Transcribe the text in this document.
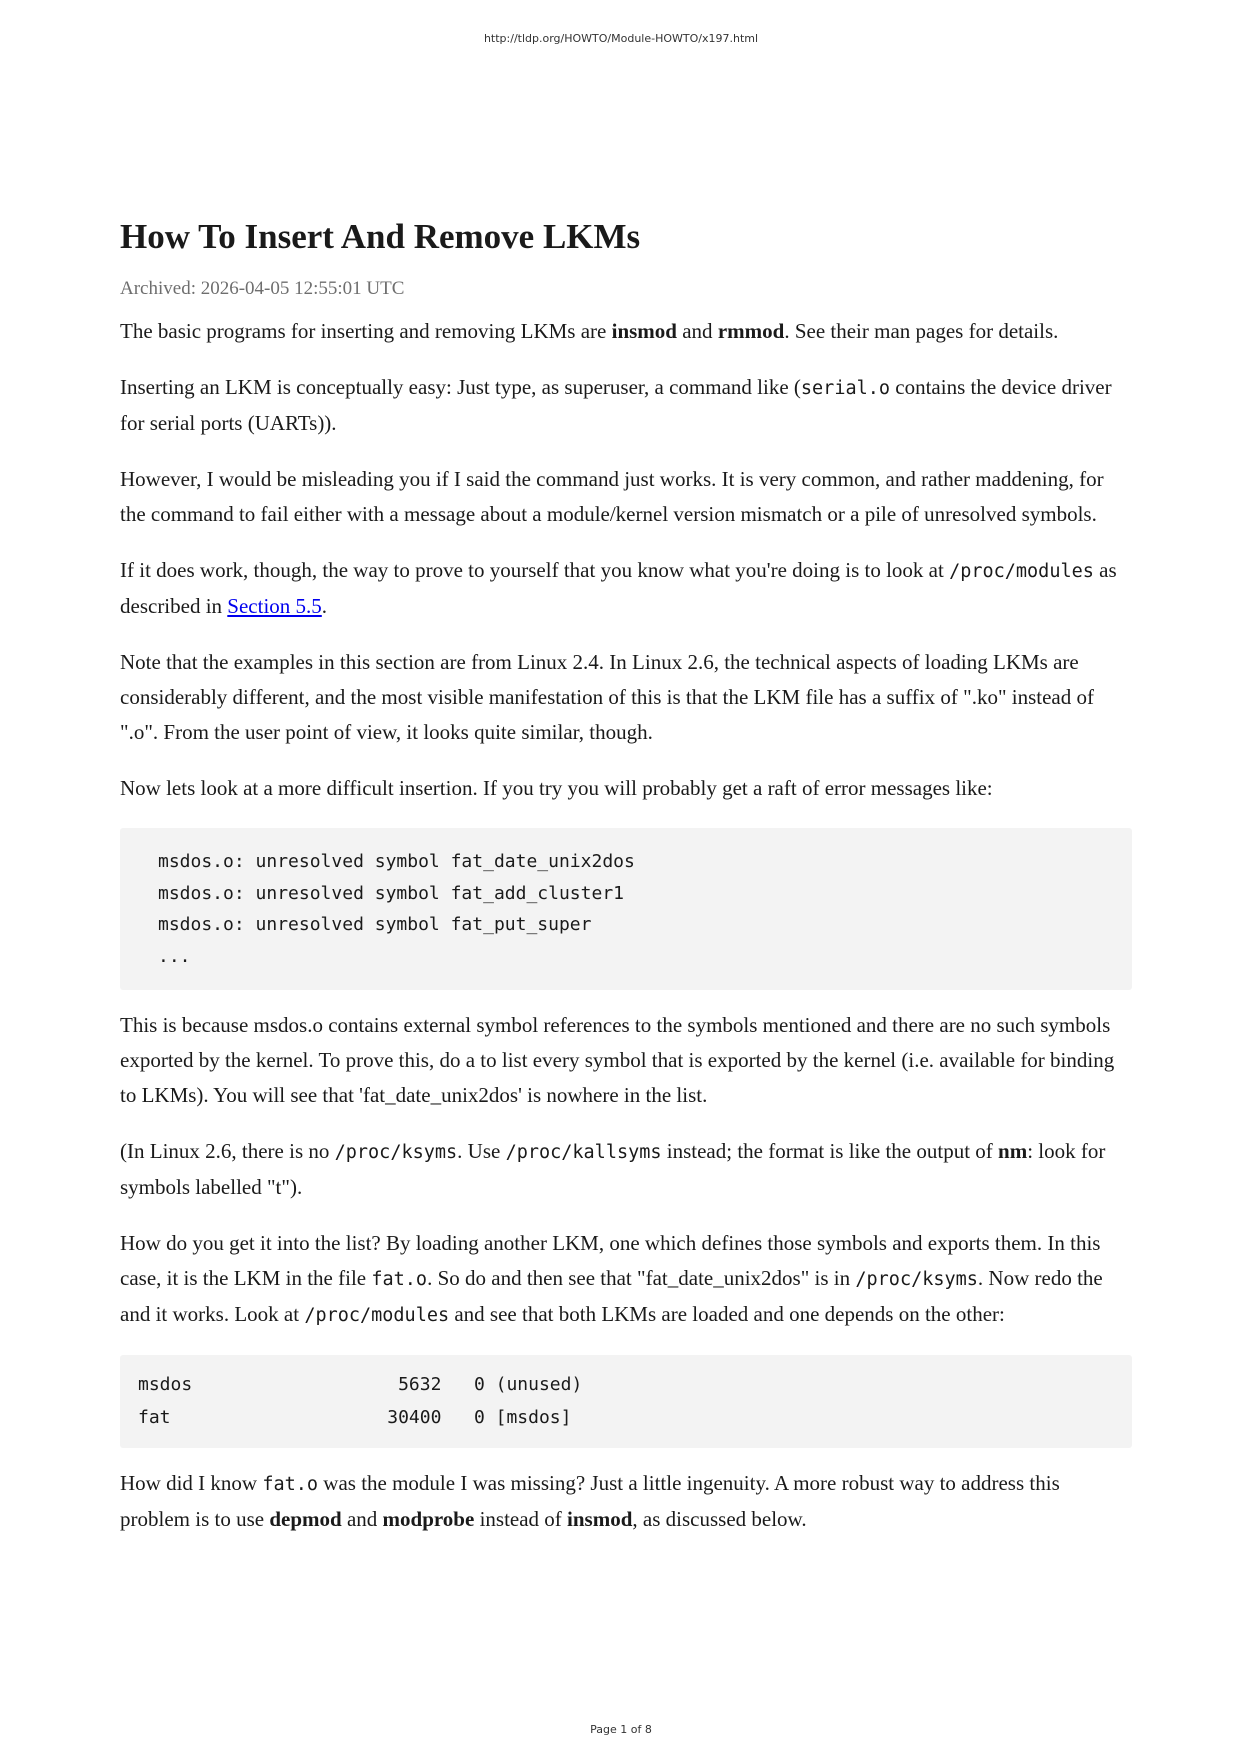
http://tldp.org/HOWTO/Module-HOWTO/x197.html
How To Insert And Remove LKMs
Archived: 2026-04-05 12:55:01 UTC

The basic programs for inserting and removing LKMs are insmod and rmmod. See their man pages for details.

Inserting an LKM is conceptually easy: Just type, as superuser, a command like (serial.o contains the device driver for serial ports (UARTs)).

However, I would be misleading you if I said the command just works. It is very common, and rather maddening, for the command to fail either with a message about a module/kernel version mismatch or a pile of unresolved symbols.

If it does work, though, the way to prove to yourself that you know what you're doing is to look at /proc/modules as described in Section 5.5.

Note that the examples in this section are from Linux 2.4. In Linux 2.6, the technical aspects of loading LKMs are considerably different, and the most visible manifestation of this is that the LKM file has a suffix of ".ko" instead of ".o". From the user point of view, it looks quite similar, though.

Now lets look at a more difficult insertion. If you try you will probably get a raft of error messages like:

msdos.o: unresolved symbol fat_date_unix2dos
msdos.o: unresolved symbol fat_add_cluster1
msdos.o: unresolved symbol fat_put_super
...

This is because msdos.o contains external symbol references to the symbols mentioned and there are no such symbols exported by the kernel. To prove this, do a to list every symbol that is exported by the kernel (i.e. available for binding to LKMs). You will see that 'fat_date_unix2dos' is nowhere in the list.

(In Linux 2.6, there is no /proc/ksyms. Use /proc/kallsyms instead; the format is like the output of nm: look for symbols labelled "t").

How do you get it into the list? By loading another LKM, one which defines those symbols and exports them. In this case, it is the LKM in the file fat.o. So do and then see that "fat_date_unix2dos" is in /proc/ksyms. Now redo the and it works. Look at /proc/modules and see that both LKMs are loaded and one depends on the other:

msdos                   5632   0 (unused)
fat                    30400   0 [msdos]

How did I know fat.o was the module I was missing? Just a little ingenuity. A more robust way to address this problem is to use depmod and modprobe instead of insmod, as discussed below.

Page 1 of 8
